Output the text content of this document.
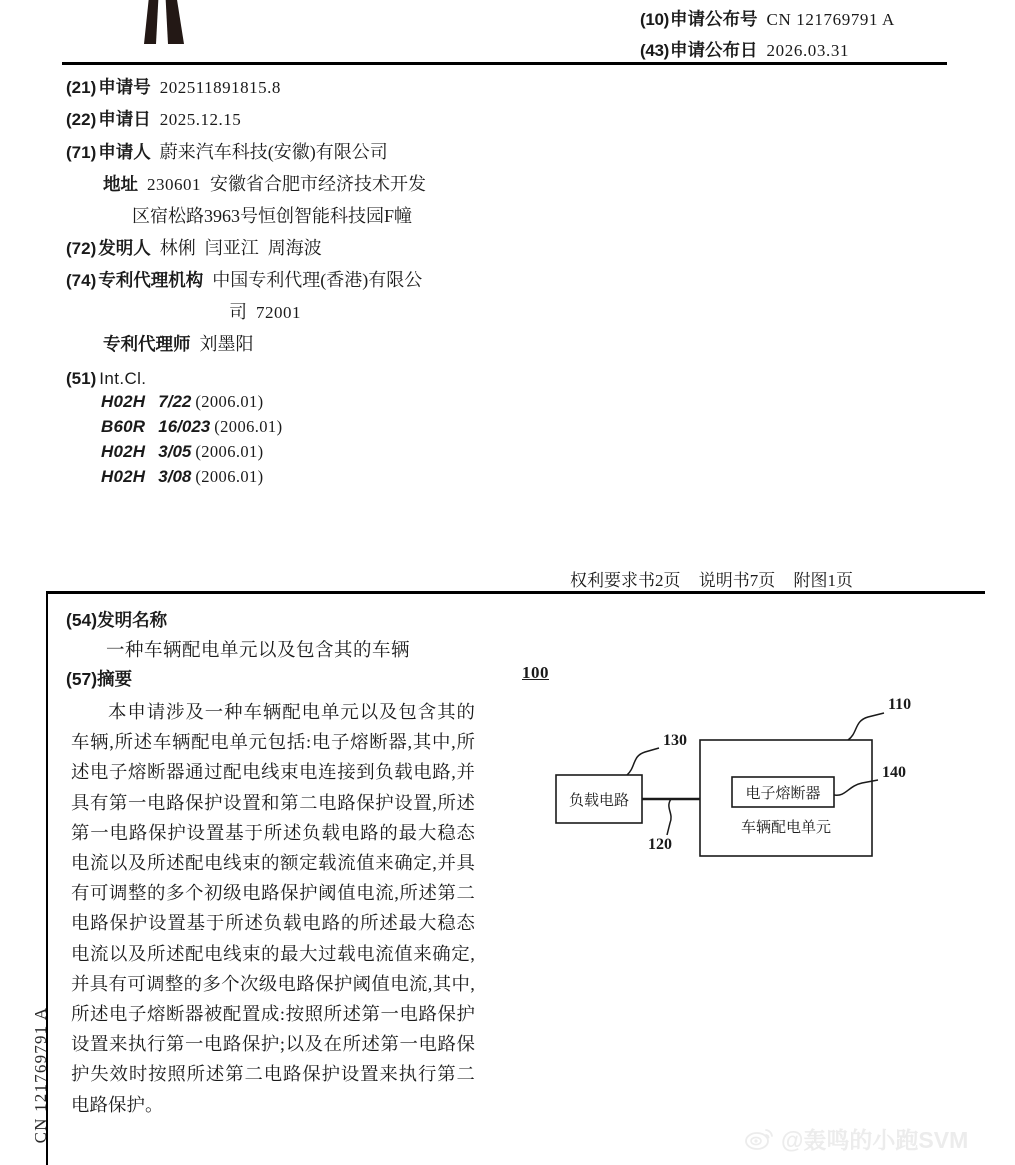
(10) 申请公布号 CN 121769791 A
(43) 申请公布日 2026.03.31
(21) 申请号 202511891815.8
(22) 申请日 2025.12.15
(71) 申请人 蔚来汽车科技(安徽)有限公司
地址 230601 安徽省合肥市经济技术开发
区宿松路3963号恒创智能科技园F幢
(72) 发明人 林俐 闫亚江 周海波
(74) 专利代理机构 中国专利代理(香港)有限公
司 72001
专利代理师 刘墨阳
(51) Int.Cl.
H02H 7/22 (2006.01)
B60R 16/023 (2006.01)
H02H 3/05 (2006.01)
H02H 3/08 (2006.01)
权利要求书2页 说明书7页 附图1页
(54)发明名称
一种车辆配电单元以及包含其的车辆
(57)摘要
本申请涉及一种车辆配电单元以及包含其的车辆,所述车辆配电单元包括:电子熔断器,其中,所述电子熔断器通过配电线束电连接到负载电路,并具有第一电路保护设置和第二电路保护设置,所述第一电路保护设置基于所述负载电路的最大稳态电流以及所述配电线束的额定载流值来确定,并具有可调整的多个初级电路保护阈值电流,所述第二电路保护设置基于所述负载电路的所述最大稳态电流以及所述配电线束的最大过载电流值来确定,并具有可调整的多个次级电路保护阈值电流,其中,所述电子熔断器被配置成:按照所述第一电路保护设置来执行第一电路保护;以及在所述第一电路保护失效时按照所述第二电路保护设置来执行第二电路保护。
100
负载电路	电子熔断器
车辆配电单元
110
130
140
120
@轰鸣的小跑SVM
CN 121769791 A
